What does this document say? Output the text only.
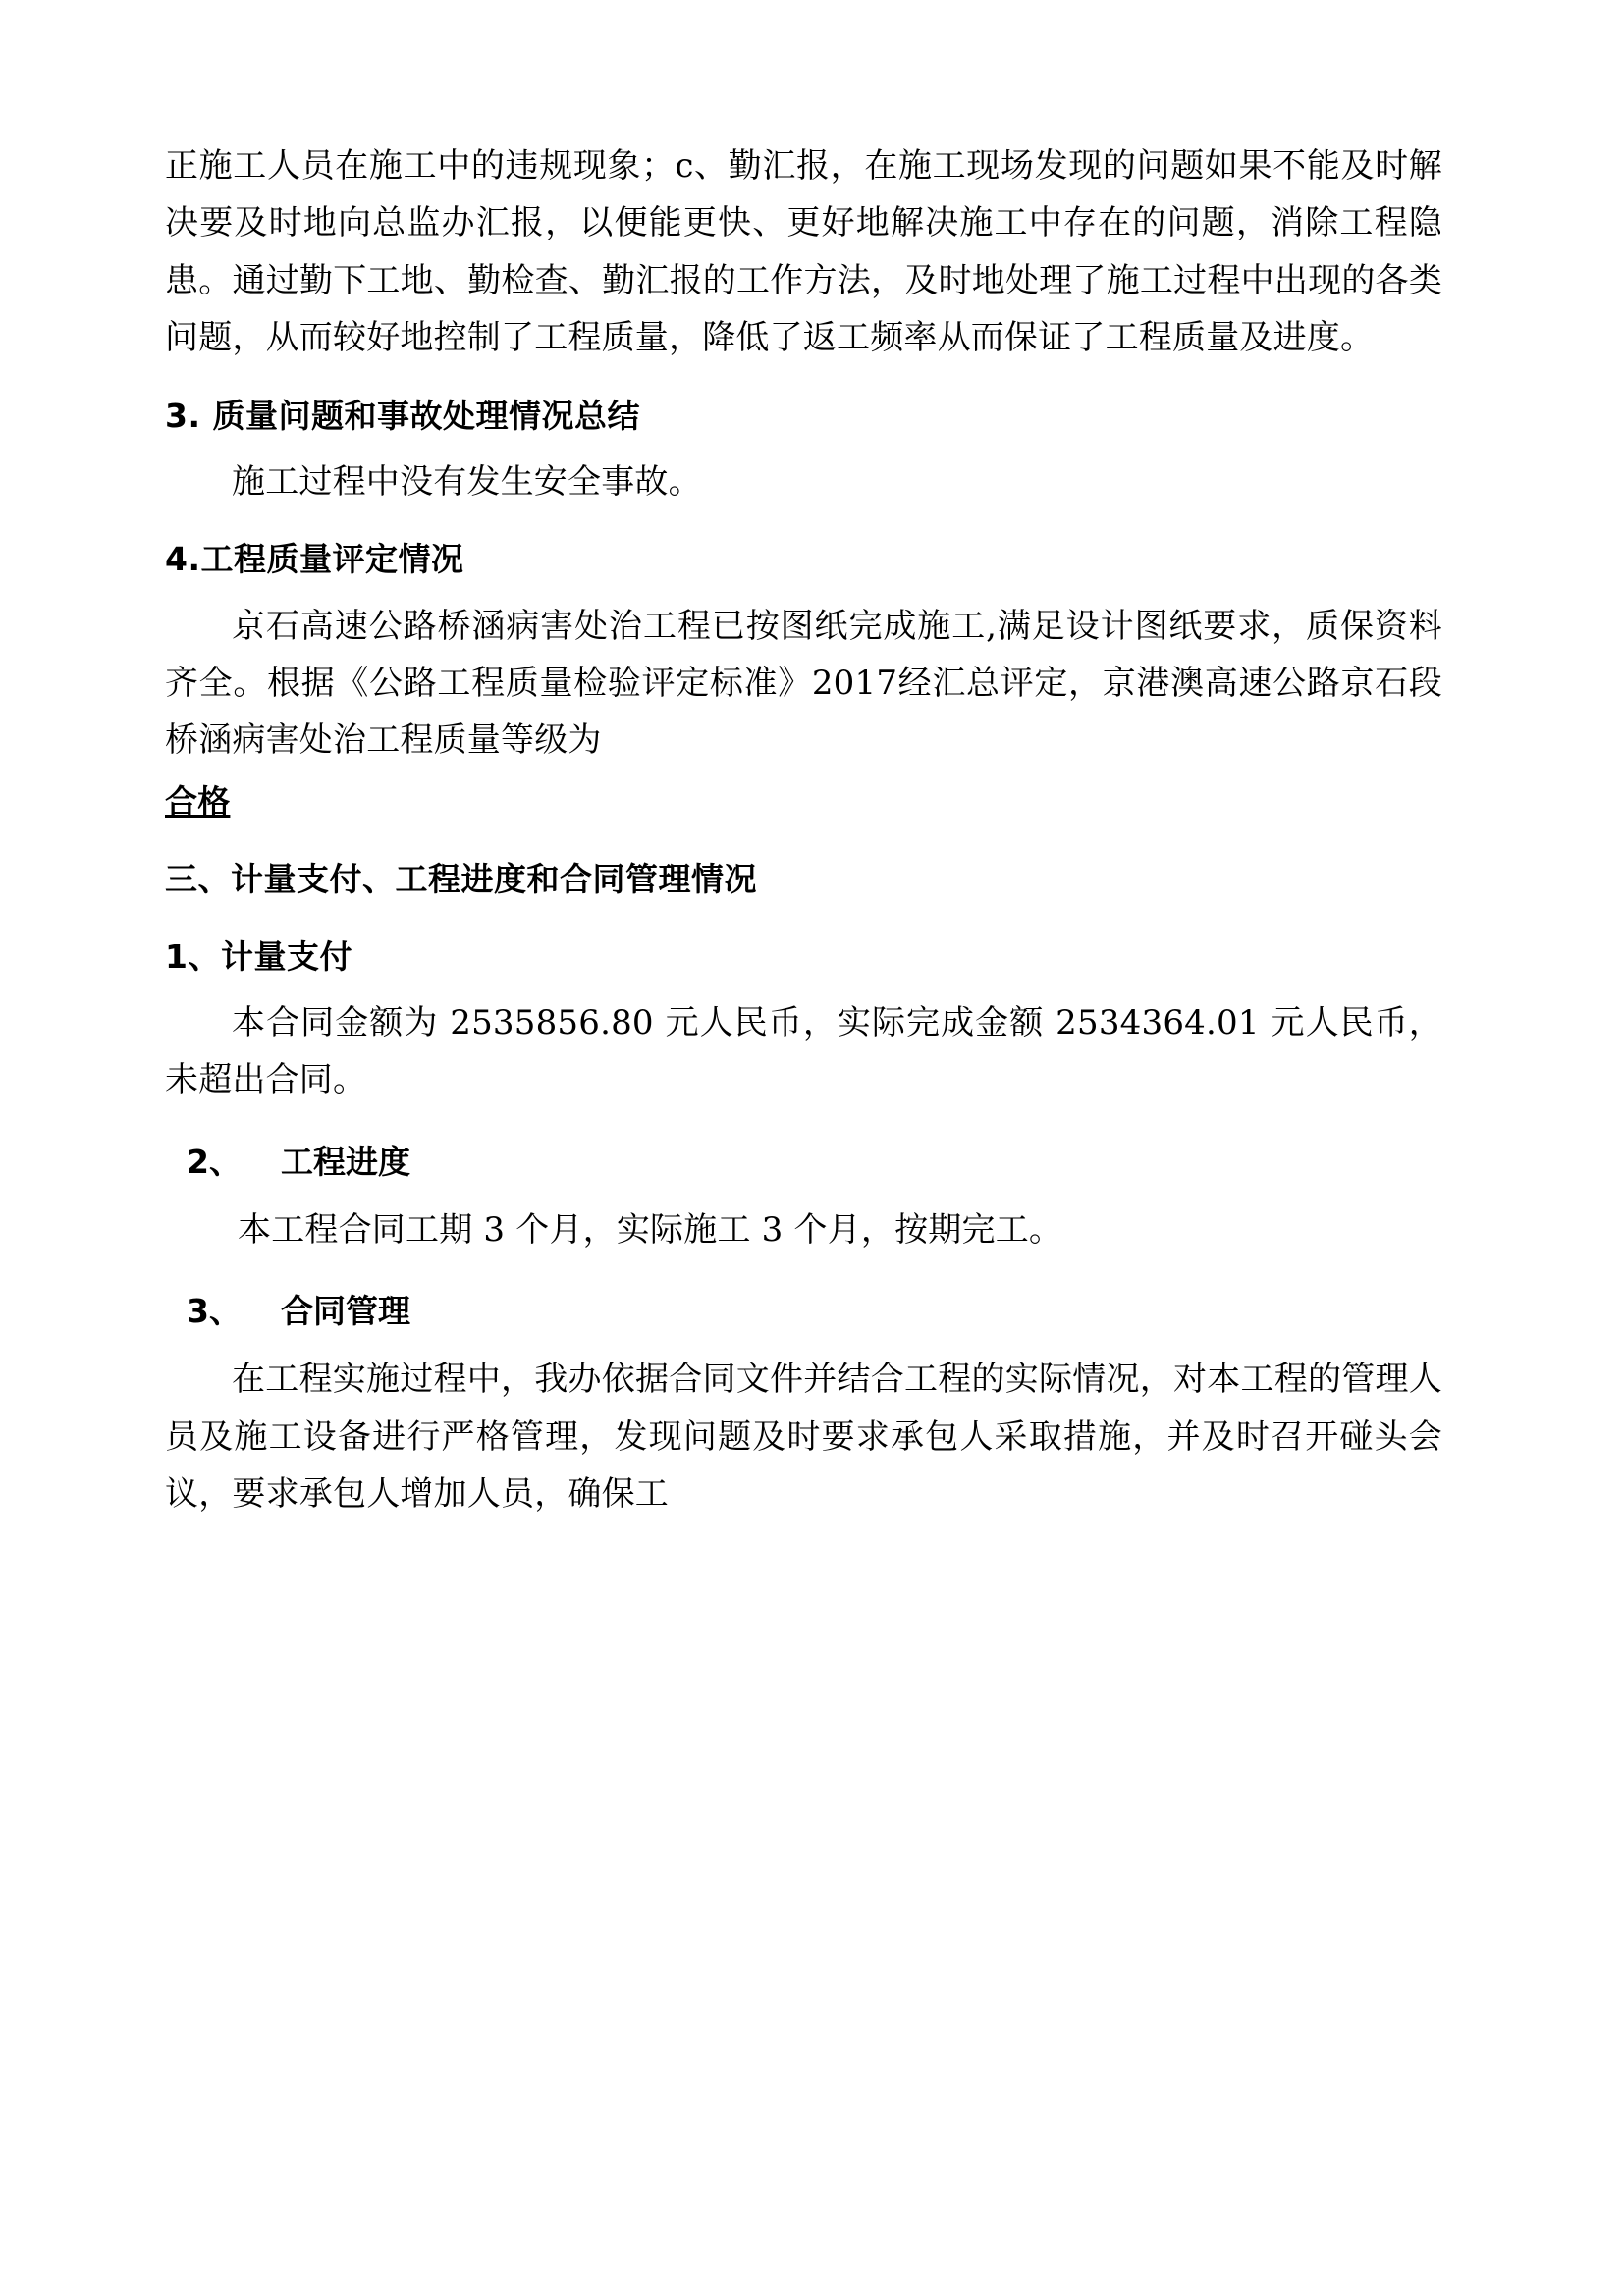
正施工人员在施工中的违规现象；c、勤汇报，在施工现场发现的问题如果不能及时解决要及时地向总监办汇报，以便能更快、更好地解决施工中存在的问题，消除工程隐患。通过勤下工地、勤检查、勤汇报的工作方法，及时地处理了施工过程中出现的各类问题，从而较好地控制了工程质量，降低了返工频率从而保证了工程质量及进度。

3. 质量问题和事故处理情况总结

施工过程中没有发生安全事故。

4.工程质量评定情况

京石高速公路桥涵病害处治工程已按图纸完成施工,满足设计图纸要求，质保资料齐全。根据《公路工程质量检验评定标准》2017经汇总评定，京港澳高速公路京石段桥涵病害处治工程质量等级为

合格

三、计量支付、工程进度和合同管理情况
1、计量支付

本合同金额为 2535856.80 元人民币，实际完成金额 2534364.01 元人民币，未超出合同。

2、 工程进度

本工程合同工期 3 个月，实际施工 3 个月，按期完工。

3、 合同管理

在工程实施过程中，我办依据合同文件并结合工程的实际情况，对本工程的管理人员及施工设备进行严格管理，发现问题及时要求承包人采取措施，并及时召开碰头会议，要求承包人增加人员，确保工
